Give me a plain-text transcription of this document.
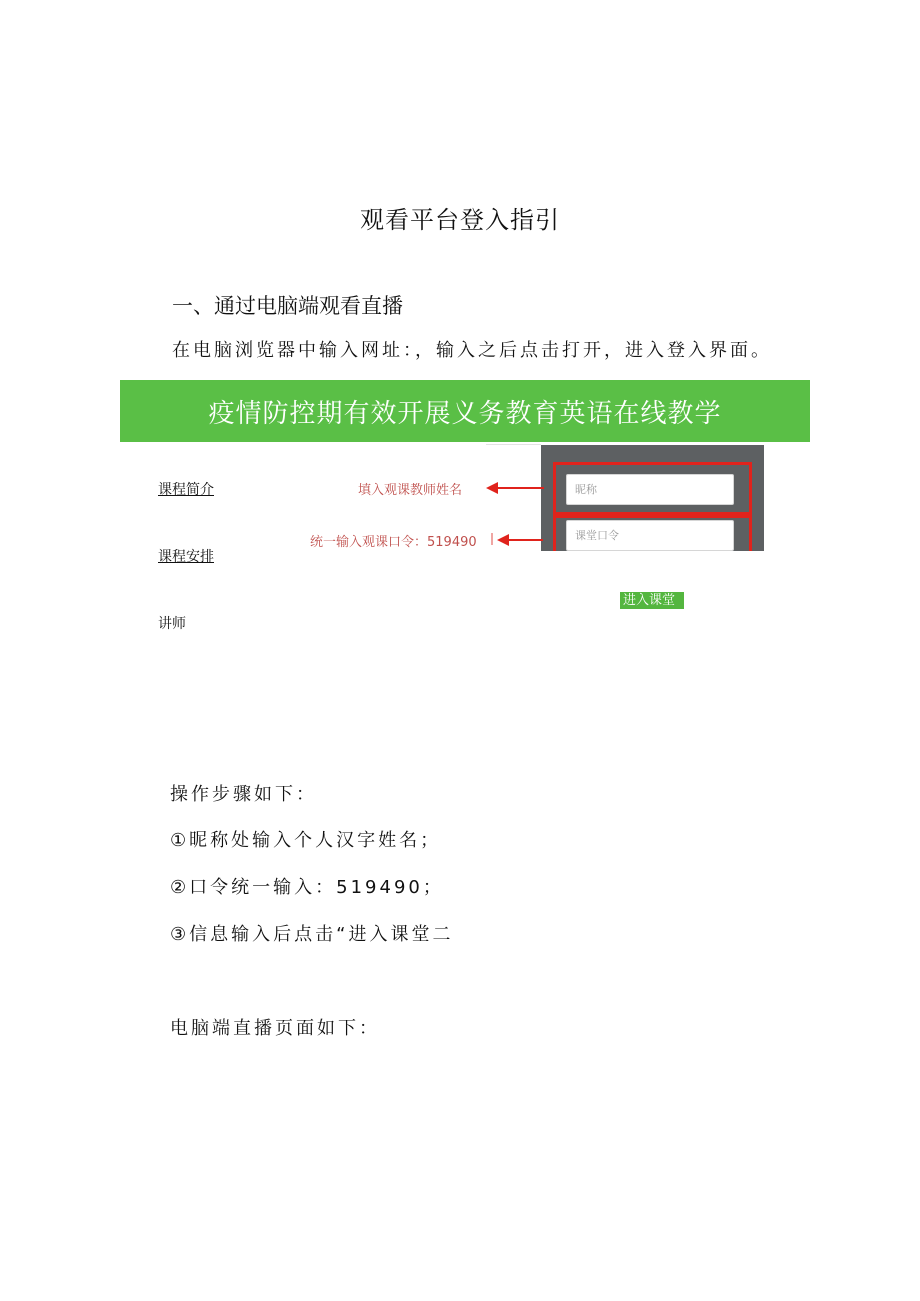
观看平台登入指引
一、通过电脑端观看直播
在电脑浏览器中输入网址：，输入之后点击打开，进入登入界面。
疫情防控期有效开展义务教育英语在线教学
课程简介
课程安排
讲师
昵称
课堂口令
填入观课教师姓名
统一输入观课口令：519490
进入课堂
操作步骤如下：
①昵称处输入个人汉字姓名；
②口令统一输入：519490；
③信息输入后点击“进入课堂二
电脑端直播页面如下：
